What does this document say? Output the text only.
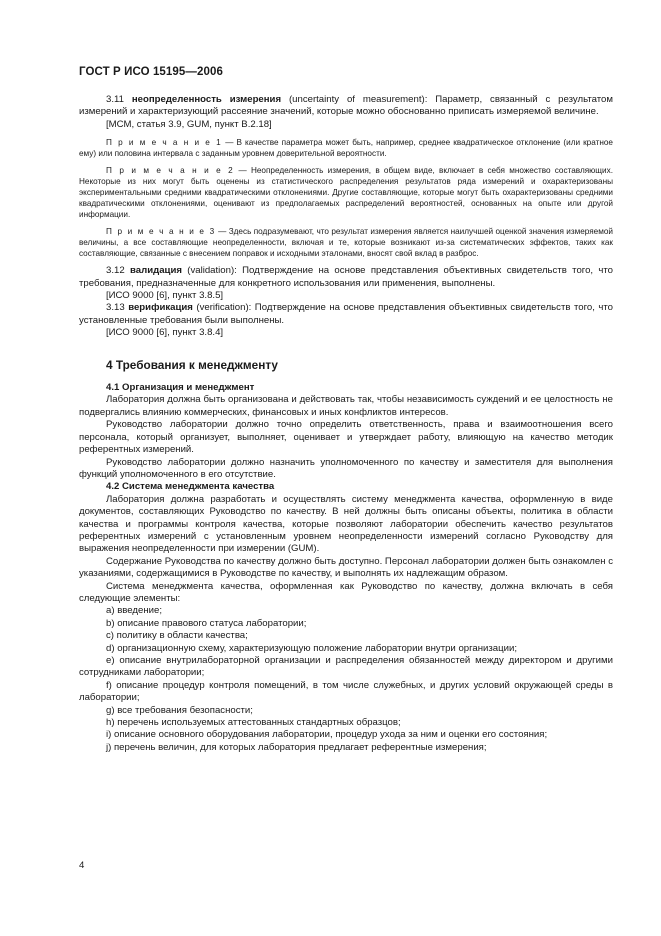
ГОСТ Р ИСО 15195—2006

3.11 неопределенность измерения (uncertainty of measurement): Параметр, связанный с результатом измерений и характеризующий рассеяние значений, которые можно обоснованно приписать измеряемой величине.

[МСМ, статья 3.9, GUM, пункт В.2.18]

П р и м е ч а н и е 1 — В качестве параметра может быть, например, среднее квадратическое отклонение (или кратное ему) или половина интервала с заданным уровнем доверительной вероятности.

П р и м е ч а н и е 2 — Неопределенность измерения, в общем виде, включает в себя множество составляющих. Некоторые из них могут быть оценены из статистического распределения результатов ряда измерений и охарактеризованы экспериментальными средними квадратическими отклонениями. Другие составляющие, которые могут быть охарактеризованы средними квадратическими отклонениями, оценивают из предполагаемых распределений вероятностей, основанных на опыте или другой информации.

П р и м е ч а н и е 3 — Здесь подразумевают, что результат измерения является наилучшей оценкой значения измеряемой величины, а все составляющие неопределенности, включая и те, которые возникают из-за систематических эффектов, таких как составляющие, связанные с внесением поправок и исходными эталонами, вносят свой вклад в разброс.

3.12 валидация (validation): Подтверждение на основе представления объективных свидетельств того, что требования, предназначенные для конкретного использования или применения, выполнены.

[ИСО 9000 [6], пункт 3.8.5]

3.13 верификация (verification): Подтверждение на основе представления объективных свидетельств того, что установленные требования были выполнены.

[ИСО 9000 [6], пункт 3.8.4]

4 Требования к менеджменту

4.1 Организация и менеджмент

Лаборатория должна быть организована и действовать так, чтобы независимость суждений и ее целостность не подвергались влиянию коммерческих, финансовых и иных конфликтов интересов.

Руководство лаборатории должно точно определить ответственность, права и взаимоотношения всего персонала, который организует, выполняет, оценивает и утверждает работу, влияющую на качество методик референтных измерений.

Руководство лаборатории должно назначить уполномоченного по качеству и заместителя для выполнения функций уполномоченного в его отсутствие.

4.2 Система менеджмента качества

Лаборатория должна разработать и осуществлять систему менеджмента качества, оформленную в виде документов, составляющих Руководство по качеству. В ней должны быть описаны объекты, политика в области качества и программы контроля качества, которые позволяют лаборатории обеспечить качество результатов референтных измерений с установленным уровнем неопределенности измерений согласно Руководству для выражения неопределенности при измерении (GUM).

Содержание Руководства по качеству должно быть доступно. Персонал лаборатории должен быть ознакомлен с указаниями, содержащимися в Руководстве по качеству, и выполнять их надлежащим образом.

Система менеджмента качества, оформленная как Руководство по качеству, должна включать в себя следующие элементы:

a) введение;

b) описание правового статуса лаборатории;

c) политику в области качества;

d) организационную схему, характеризующую положение лаборатории внутри организации;

e) описание внутрилабораторной организации и распределения обязанностей между директором и другими сотрудниками лаборатории;

f) описание процедур контроля помещений, в том числе служебных, и других условий окружающей среды в лаборатории;

g) все требования безопасности;

h) перечень используемых аттестованных стандартных образцов;

i) описание основного оборудования лаборатории, процедур ухода за ним и оценки его состояния;

j) перечень величин, для которых лаборатория предлагает референтные измерения;

4
